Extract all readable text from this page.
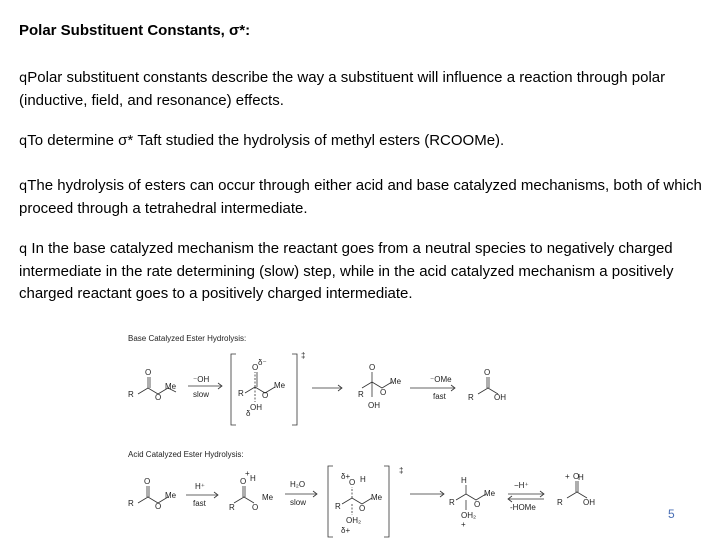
Polar Substituent Constants, σ*:
qPolar substituent constants describe the way a substituent will influence a reaction through polar (inductive, field, and resonance) effects.
qTo determine σ* Taft studied the hydrolysis of methyl esters (RCOOMe).
qThe hydrolysis of esters can occur through either acid and base catalyzed mechanisms, both of which proceed through a tetrahedral intermediate.
q In the base catalyzed mechanism the reactant goes from a neutral species to negatively charged intermediate in the rate determining (slow) step, while in the acid catalyzed mechanism a positively charged reactant goes to a positively charged intermediate.
Base Catalyzed Ester Hydrolysis:
Acid Catalyzed Ester Hydrolysis:
O
R	O
Me
⁻OH
slow
‡
O
δ⁻
R O
Me
OH
δ
O
R O
Me
OH
⁻OMe
fast
O
R	OH
O
R	O
Me
H⁺
fast
O H
+
R O
Me
H₂O
slow
‡
δ+ H
O
R O
Me
OH₂
δ+
H
R O
Me
OH₂
+
−H⁺
-HOMe
+ H
O
R	OH
5
